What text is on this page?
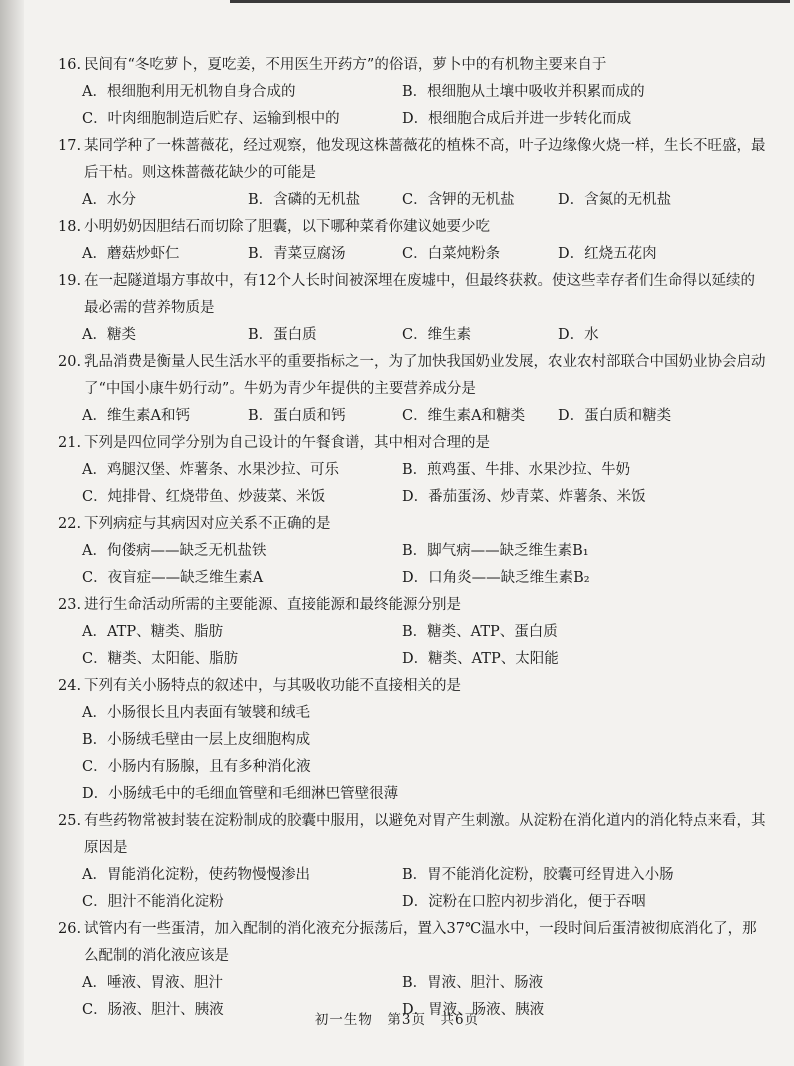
16. 民间有“冬吃萝卜，夏吃姜，不用医生开药方”的俗语，萝卜中的有机物主要来自于

A．根细胞利用无机物自身合成的	B．根细胞从土壤中吸收并积累而成的
C．叶肉细胞制造后贮存、运输到根中的	D．根细胞合成后并进一步转化而成

17. 某同学种了一株蔷薇花，经过观察，他发现这株蔷薇花的植株不高，叶子边缘像火烧一样，生长不旺盛，最后干枯。则这株蔷薇花缺少的可能是

A．水分	B．含磷的无机盐	C．含钾的无机盐	D．含氮的无机盐

18. 小明奶奶因胆结石而切除了胆囊，以下哪种菜肴你建议她要少吃

A．蘑菇炒虾仁	B．青菜豆腐汤	C．白菜炖粉条	D．红烧五花肉

19. 在一起隧道塌方事故中，有12个人长时间被深埋在废墟中，但最终获救。使这些幸存者们生命得以延续的最必需的营养物质是

A．糖类	B．蛋白质	C．维生素	D．水

20. 乳品消费是衡量人民生活水平的重要指标之一，为了加快我国奶业发展，农业农村部联合中国奶业协会启动了“中国小康牛奶行动”。牛奶为青少年提供的主要营养成分是

A．维生素A和钙	B．蛋白质和钙	C．维生素A和糖类	D．蛋白质和糖类

21. 下列是四位同学分别为自己设计的午餐食谱，其中相对合理的是

A．鸡腿汉堡、炸薯条、水果沙拉、可乐	B．煎鸡蛋、牛排、水果沙拉、牛奶
C．炖排骨、红烧带鱼、炒菠菜、米饭	D．番茄蛋汤、炒青菜、炸薯条、米饭

22. 下列病症与其病因对应关系不正确的是

A．佝偻病——缺乏无机盐铁	B．脚气病——缺乏维生素B₁
C．夜盲症——缺乏维生素A	D．口角炎——缺乏维生素B₂

23. 进行生命活动所需的主要能源、直接能源和最终能源分别是

A．ATP、糖类、脂肪	B．糖类、ATP、蛋白质
C．糖类、太阳能、脂肪	D．糖类、ATP、太阳能

24. 下列有关小肠特点的叙述中，与其吸收功能不直接相关的是

A．小肠很长且内表面有皱襞和绒毛
B．小肠绒毛壁由一层上皮细胞构成
C．小肠内有肠腺，且有多种消化液
D．小肠绒毛中的毛细血管壁和毛细淋巴管壁很薄

25. 有些药物常被封装在淀粉制成的胶囊中服用，以避免对胃产生刺激。从淀粉在消化道内的消化特点来看，其原因是

A．胃能消化淀粉，使药物慢慢渗出	B．胃不能消化淀粉，胶囊可经胃进入小肠
C．胆汁不能消化淀粉	D．淀粉在口腔内初步消化，便于吞咽

26. 试管内有一些蛋清，加入配制的消化液充分振荡后，置入37℃温水中，一段时间后蛋清被彻底消化了，那么配制的消化液应该是

A．唾液、胃液、胆汁	B．胃液、胆汁、肠液
C．肠液、胆汁、胰液	D．胃液、肠液、胰液
初一生物　第3页　共6页
